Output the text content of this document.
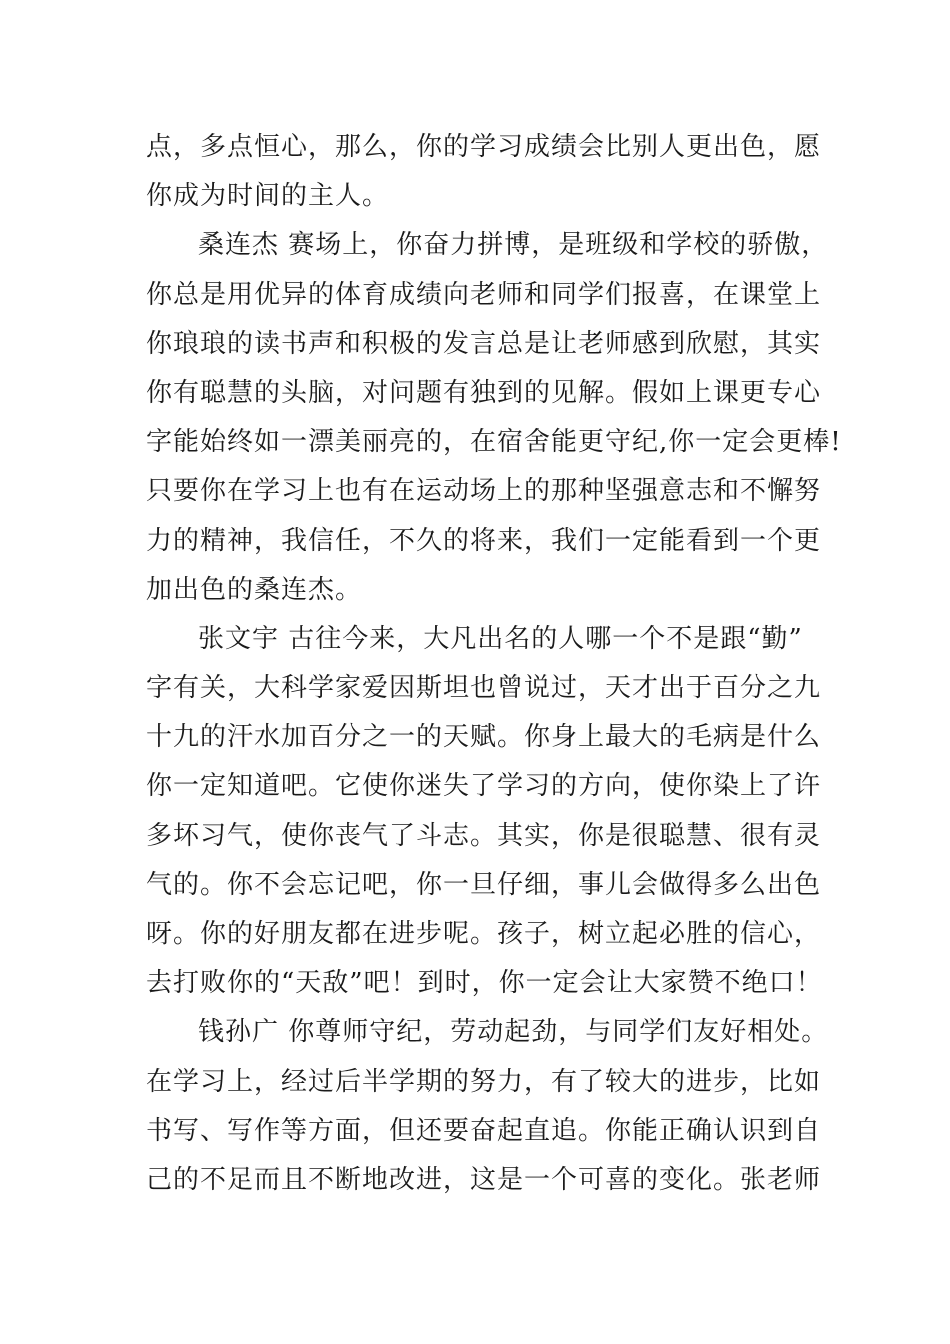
点，多点恒心，那么，你的学习成绩会比别人更出色，愿
你成为时间的主人。
桑连杰 赛场上，你奋力拼博，是班级和学校的骄傲，
你总是用优异的体育成绩向老师和同学们报喜，在课堂上
你琅琅的读书声和积极的发言总是让老师感到欣慰，其实
你有聪慧的头脑，对问题有独到的见解。假如上课更专心
字能始终如一漂美丽亮的，在宿舍能更守纪,你一定会更棒!
只要你在学习上也有在运动场上的那种坚强意志和不懈努
力的精神，我信任，不久的将来，我们一定能看到一个更
加出色的桑连杰。
张文宇 古往今来，大凡出名的人哪一个不是跟“勤”
字有关，大科学家爱因斯坦也曾说过，天才出于百分之九
十九的汗水加百分之一的天赋。你身上最大的毛病是什么
你一定知道吧。它使你迷失了学习的方向，使你染上了许
多坏习气，使你丧气了斗志。其实，你是很聪慧、很有灵
气的。你不会忘记吧，你一旦仔细，事儿会做得多么出色
呀。你的好朋友都在进步呢。孩子，树立起必胜的信心，
去打败你的“天敌”吧！到时，你一定会让大家赞不绝口！
钱孙广 你尊师守纪，劳动起劲，与同学们友好相处。
在学习上，经过后半学期的努力，有了较大的进步，比如
书写、写作等方面，但还要奋起直追。你能正确认识到自
己的不足而且不断地改进，这是一个可喜的变化。张老师
